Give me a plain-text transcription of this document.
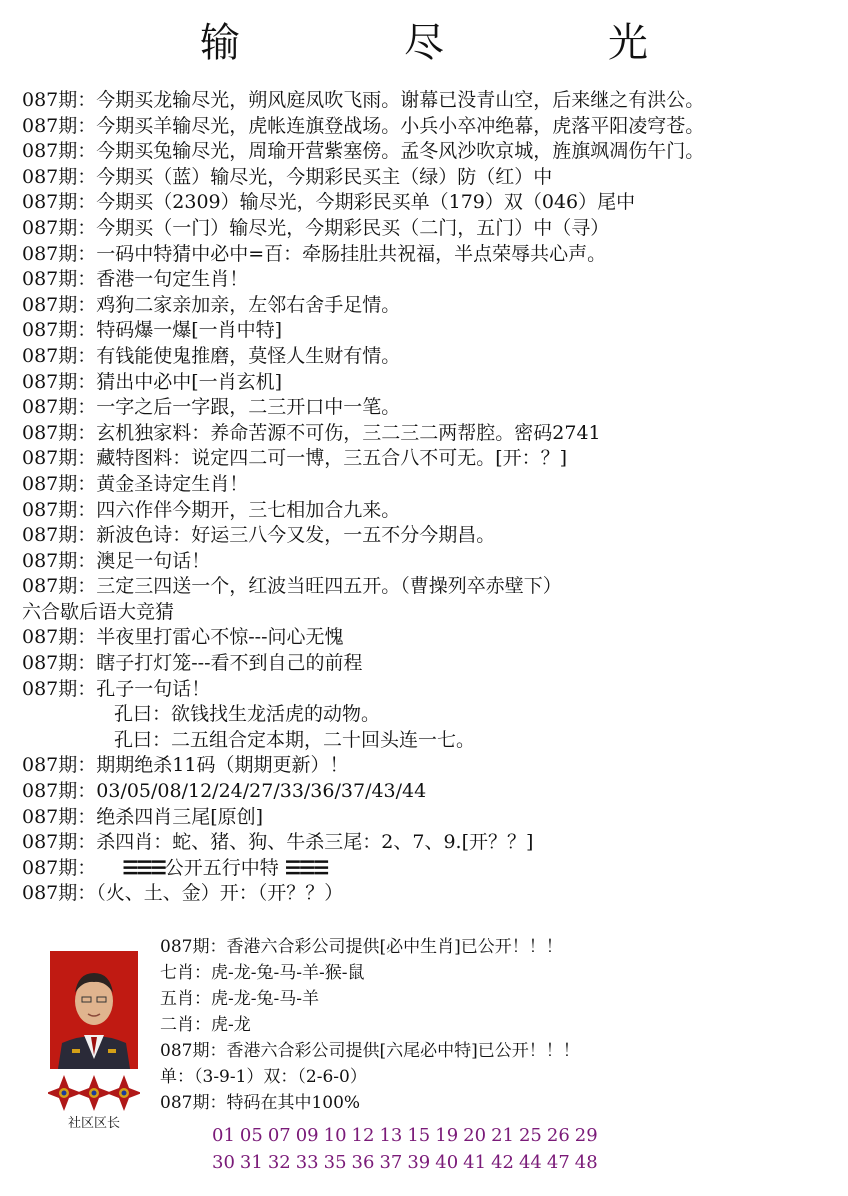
输　尽　光
087期：今期买龙输尽光，朔风庭凤吹飞雨。谢幕已没青山空，后来继之有洪公。
087期：今期买羊输尽光，虎帐连旗登战场。小兵小卒冲绝幕，虎落平阳凌穹苍。
087期：今期买兔输尽光，周瑜开营紫塞傍。孟冬风沙吹京城，旌旗飒凋伤午门。
087期：今期买（蓝）输尽光，今期彩民买主（绿）防（红）中
087期：今期买（2309）输尽光，今期彩民买单（179）双（046）尾中
087期：今期买（一门）输尽光，今期彩民买（二门，五门）中（寻）
087期：一码中特猜中必中=百：牵肠挂肚共祝福，半点荣辱共心声。
087期：香港一句定生肖！
087期：鸡狗二家亲加亲，左邻右舍手足情。
087期：特码爆一爆[一肖中特]
087期：有钱能使鬼推磨，莫怪人生财有情。
087期：猜出中必中[一肖玄机]
087期：一字之后一字跟，二三开口中一笔。
087期：玄机独家料：养命苦源不可伤，三二三二两帮腔。密码2741
087期：藏特图料：说定四二可一博，三五合八不可无。[开：？]
087期：黄金圣诗定生肖！
087期：四六作伴今期开，三七相加合九来。
087期：新波色诗：好运三八今又发，一五不分今期昌。
087期：澳足一句话！
087期：三定三四送一个，红波当旺四五开。（曹操列卒赤壁下）
六合歇后语大竞猜
087期：半夜里打雷心不惊---问心无愧
087期：瞎子打灯笼---看不到自己的前程
087期：孔子一句话！
孔曰：欲钱找生龙活虎的动物。
孔曰：二五组合定本期，二十回头连一七。
087期：期期绝杀11码（期期更新）！
087期：03/05/08/12/24/27/33/36/37/43/44
087期：绝杀四肖三尾[原创]
087期：杀四肖：蛇、猪、狗、牛杀三尾：2、7、9.[开？？]
087期： ☰☰☰公开五行中特 ☰☰☰
087期：（火、土、金）开：（开？？）
社区区长
087期：香港六合彩公司提供[必中生肖]已公开！！！
七肖：虎-龙-兔-马-羊-猴-鼠
五肖：虎-龙-兔-马-羊
二肖：虎-龙
087期：香港六合彩公司提供[六尾必中特]已公开！！！
单：（3-9-1）双：（2-6-0）
087期：特码在其中100%
01 05 07 09 10 12 13 15 19 20 21 25 26 29
30 31 32 33 35 36 37 39 40 41 42 44 47 48
